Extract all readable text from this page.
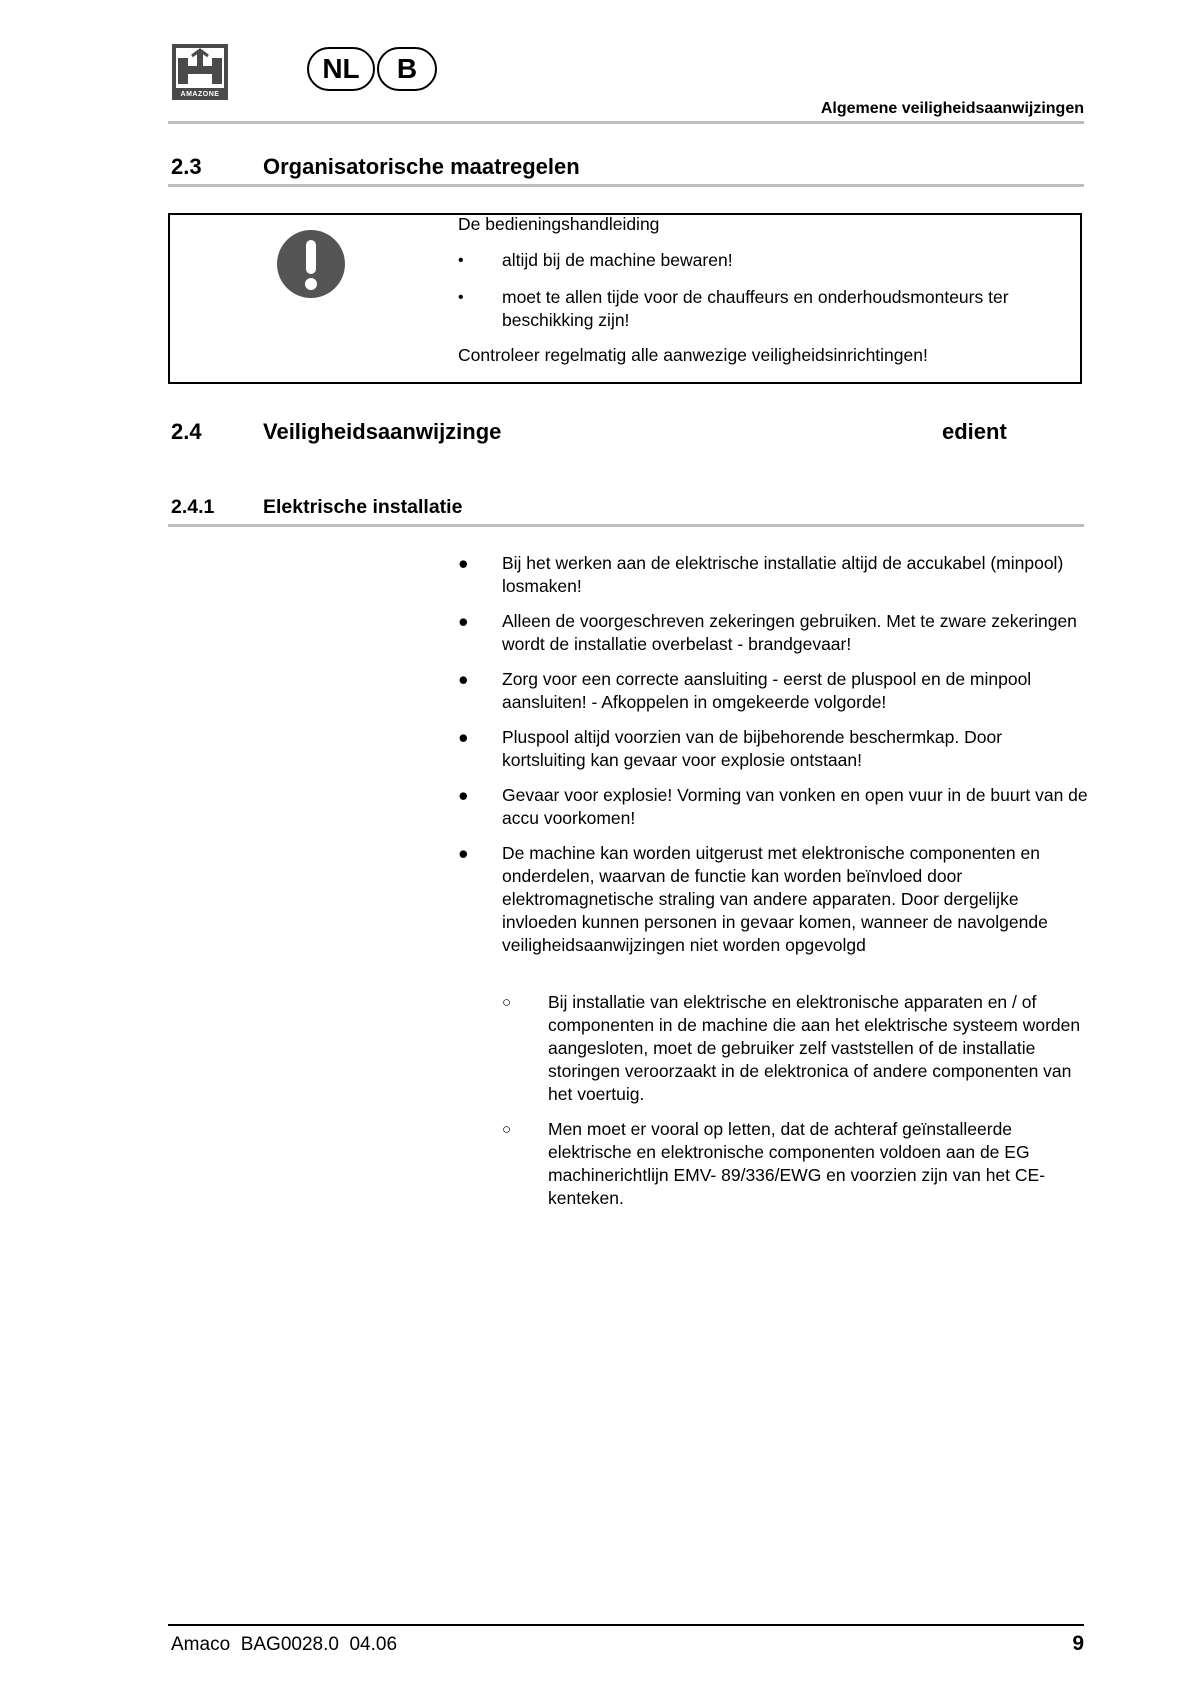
AMAZONE
NL	B
Algemene veiligheidsaanwijzingen
2.3	Organisatorische maatregelen
De bedieningshandleiding
• altijd bij de machine bewaren!
• moet te allen tijde voor de chauffeurs en onderhoudsmonteurs ter beschikking zijn!
Controleer regelmatig alle aanwezige veiligheidsinrichtingen!
2.4	Veiligheidsaanwijzinge	edient
2.4.1 Elektrische installatie
● Bij het werken aan de elektrische installatie altijd de accukabel (minpool) losmaken!
● Alleen de voorgeschreven zekeringen gebruiken. Met te zware zekeringen wordt de installatie overbelast - brandgevaar!
● Zorg voor een correcte aansluiting - eerst de pluspool en de minpool aansluiten! - Afkoppelen in omgekeerde volgorde!
● Pluspool altijd voorzien van de bijbehorende beschermkap. Door kortsluiting kan gevaar voor explosie ontstaan!
● Gevaar voor explosie! Vorming van vonken en open vuur in de buurt van de accu voorkomen!
● De machine kan worden uitgerust met elektronische componenten en onderdelen, waarvan de functie kan worden beïnvloed door elektromagnetische straling van andere apparaten. Door dergelijke invloeden kunnen personen in gevaar komen, wanneer de navolgende veiligheidsaanwijzingen niet worden opgevolgd
○ Bij installatie van elektrische en elektronische apparaten en / of componenten in de machine die aan het elektrische systeem worden aangesloten, moet de gebruiker zelf vaststellen of de installatie storingen veroorzaakt in de elektronica of andere componenten van het voertuig.
○ Men moet er vooral op letten, dat de achteraf geïnstalleerde elektrische en elektronische componenten voldoen aan de EG machinerichtlijn EMV- 89/336/EWG en voorzien zijn van het CE- kenteken.
Amaco  BAG0028.0  04.06	9
